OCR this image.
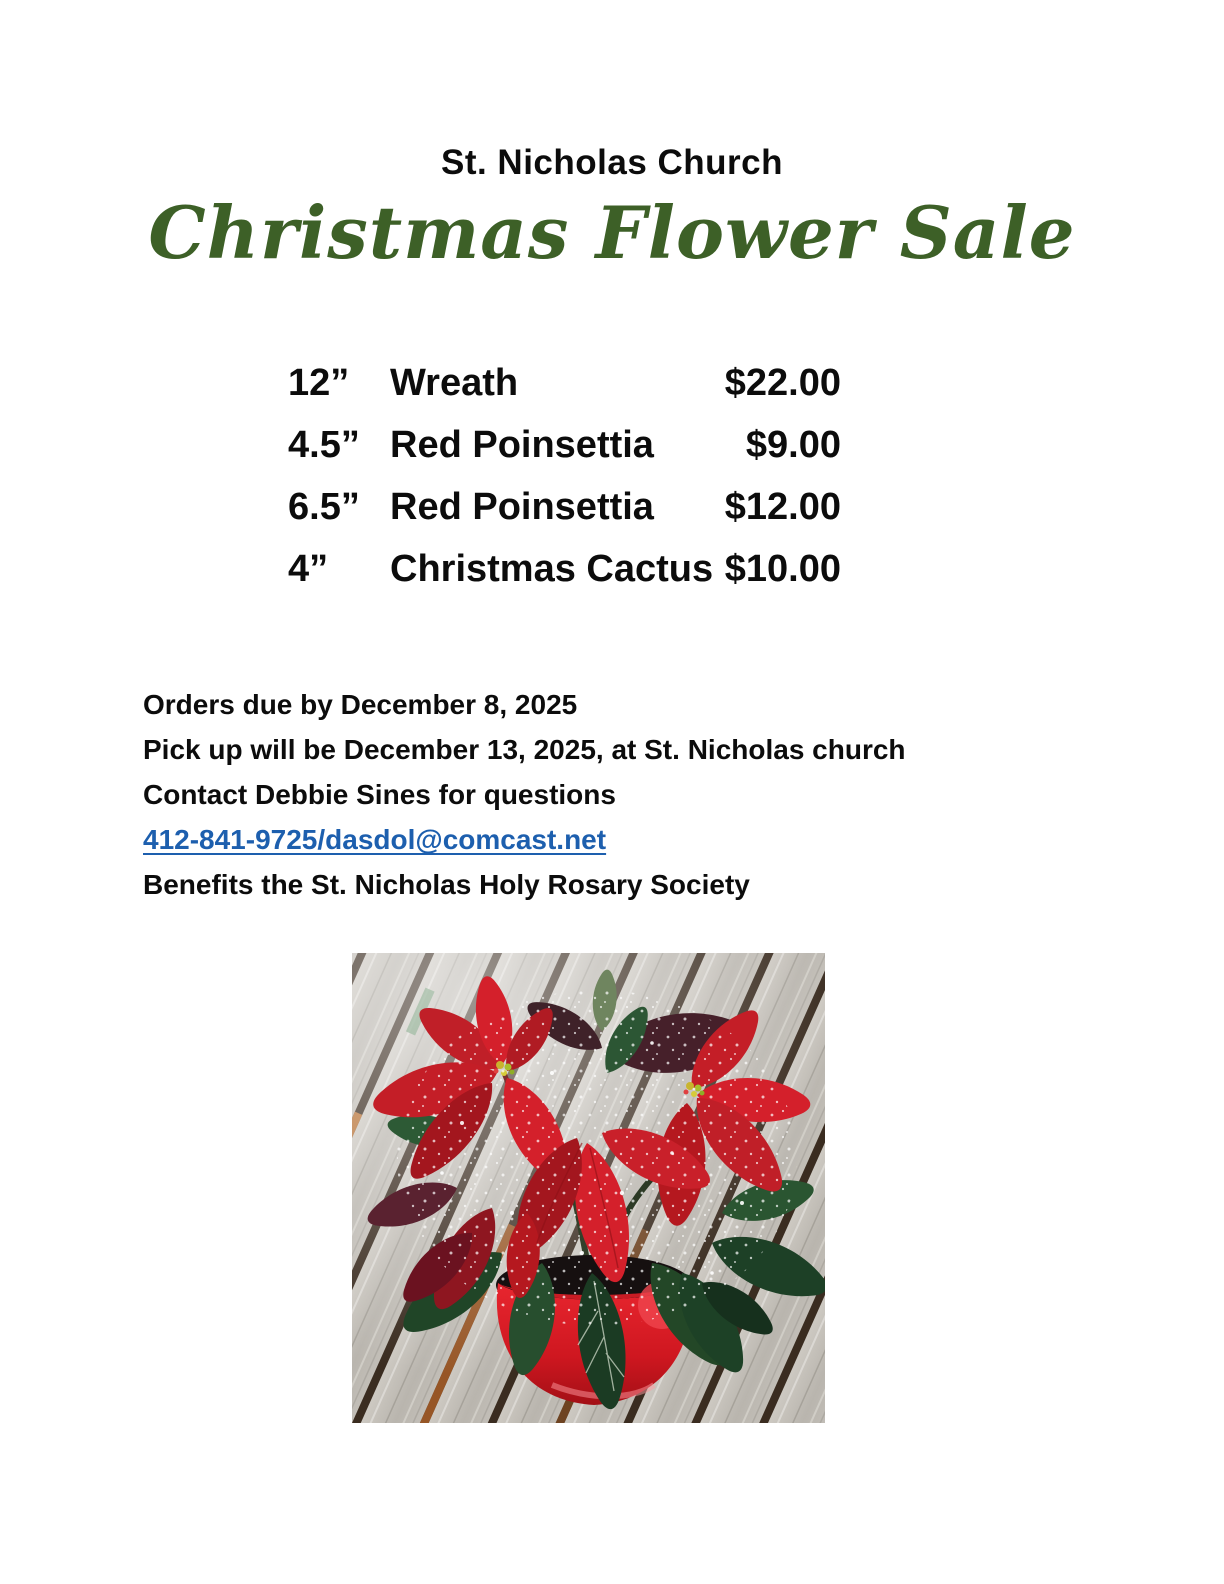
St. Nicholas Church
Christmas Flower Sale
12”	Wreath	$22.00
4.5” Red Poinsettia	$9.00
6.5” Red Poinsettia	$12.00
4”	Christmas Cactus $10.00
Orders due by December 8, 2025
Pick up will be December 13, 2025, at St. Nicholas church
Contact Debbie Sines for questions
412-841-9725/dasdol@comcast.net
Benefits the St. Nicholas Holy Rosary Society
